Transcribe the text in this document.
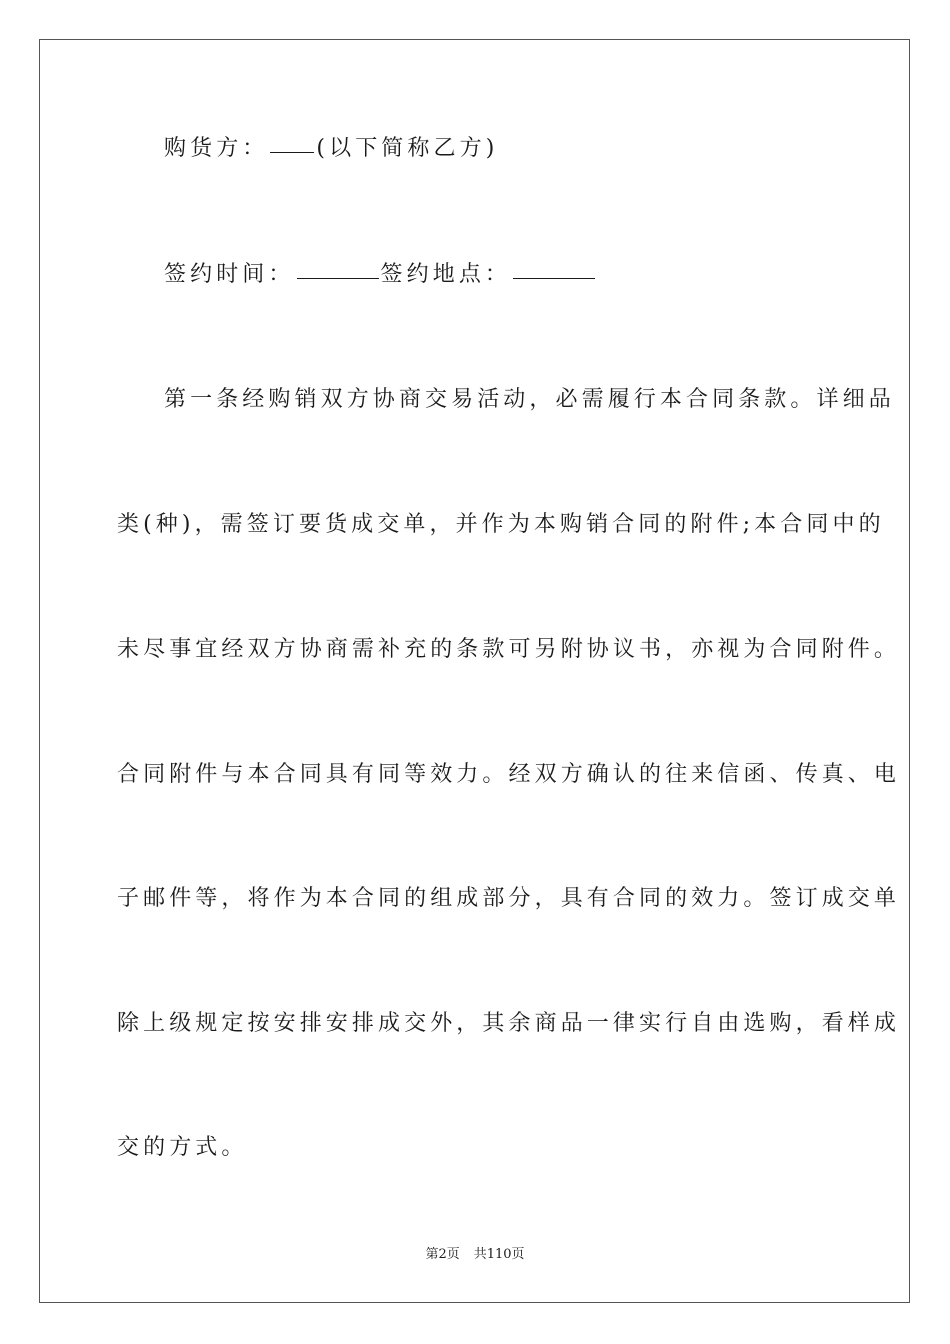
购货方： (以下简称乙方)
签约时间：	签约地点：
第一条经购销双方协商交易活动，必需履行本合同条款。详细品
类(种)，需签订要货成交单，并作为本购销合同的附件;本合同中的
未尽事宜经双方协商需补充的条款可另附协议书，亦视为合同附件。
合同附件与本合同具有同等效力。经双方确认的往来信函、传真、电
子邮件等，将作为本合同的组成部分，具有合同的效力。签订成交单
除上级规定按安排安排成交外，其余商品一律实行自由选购，看样成
交的方式。
第2页 共110页
